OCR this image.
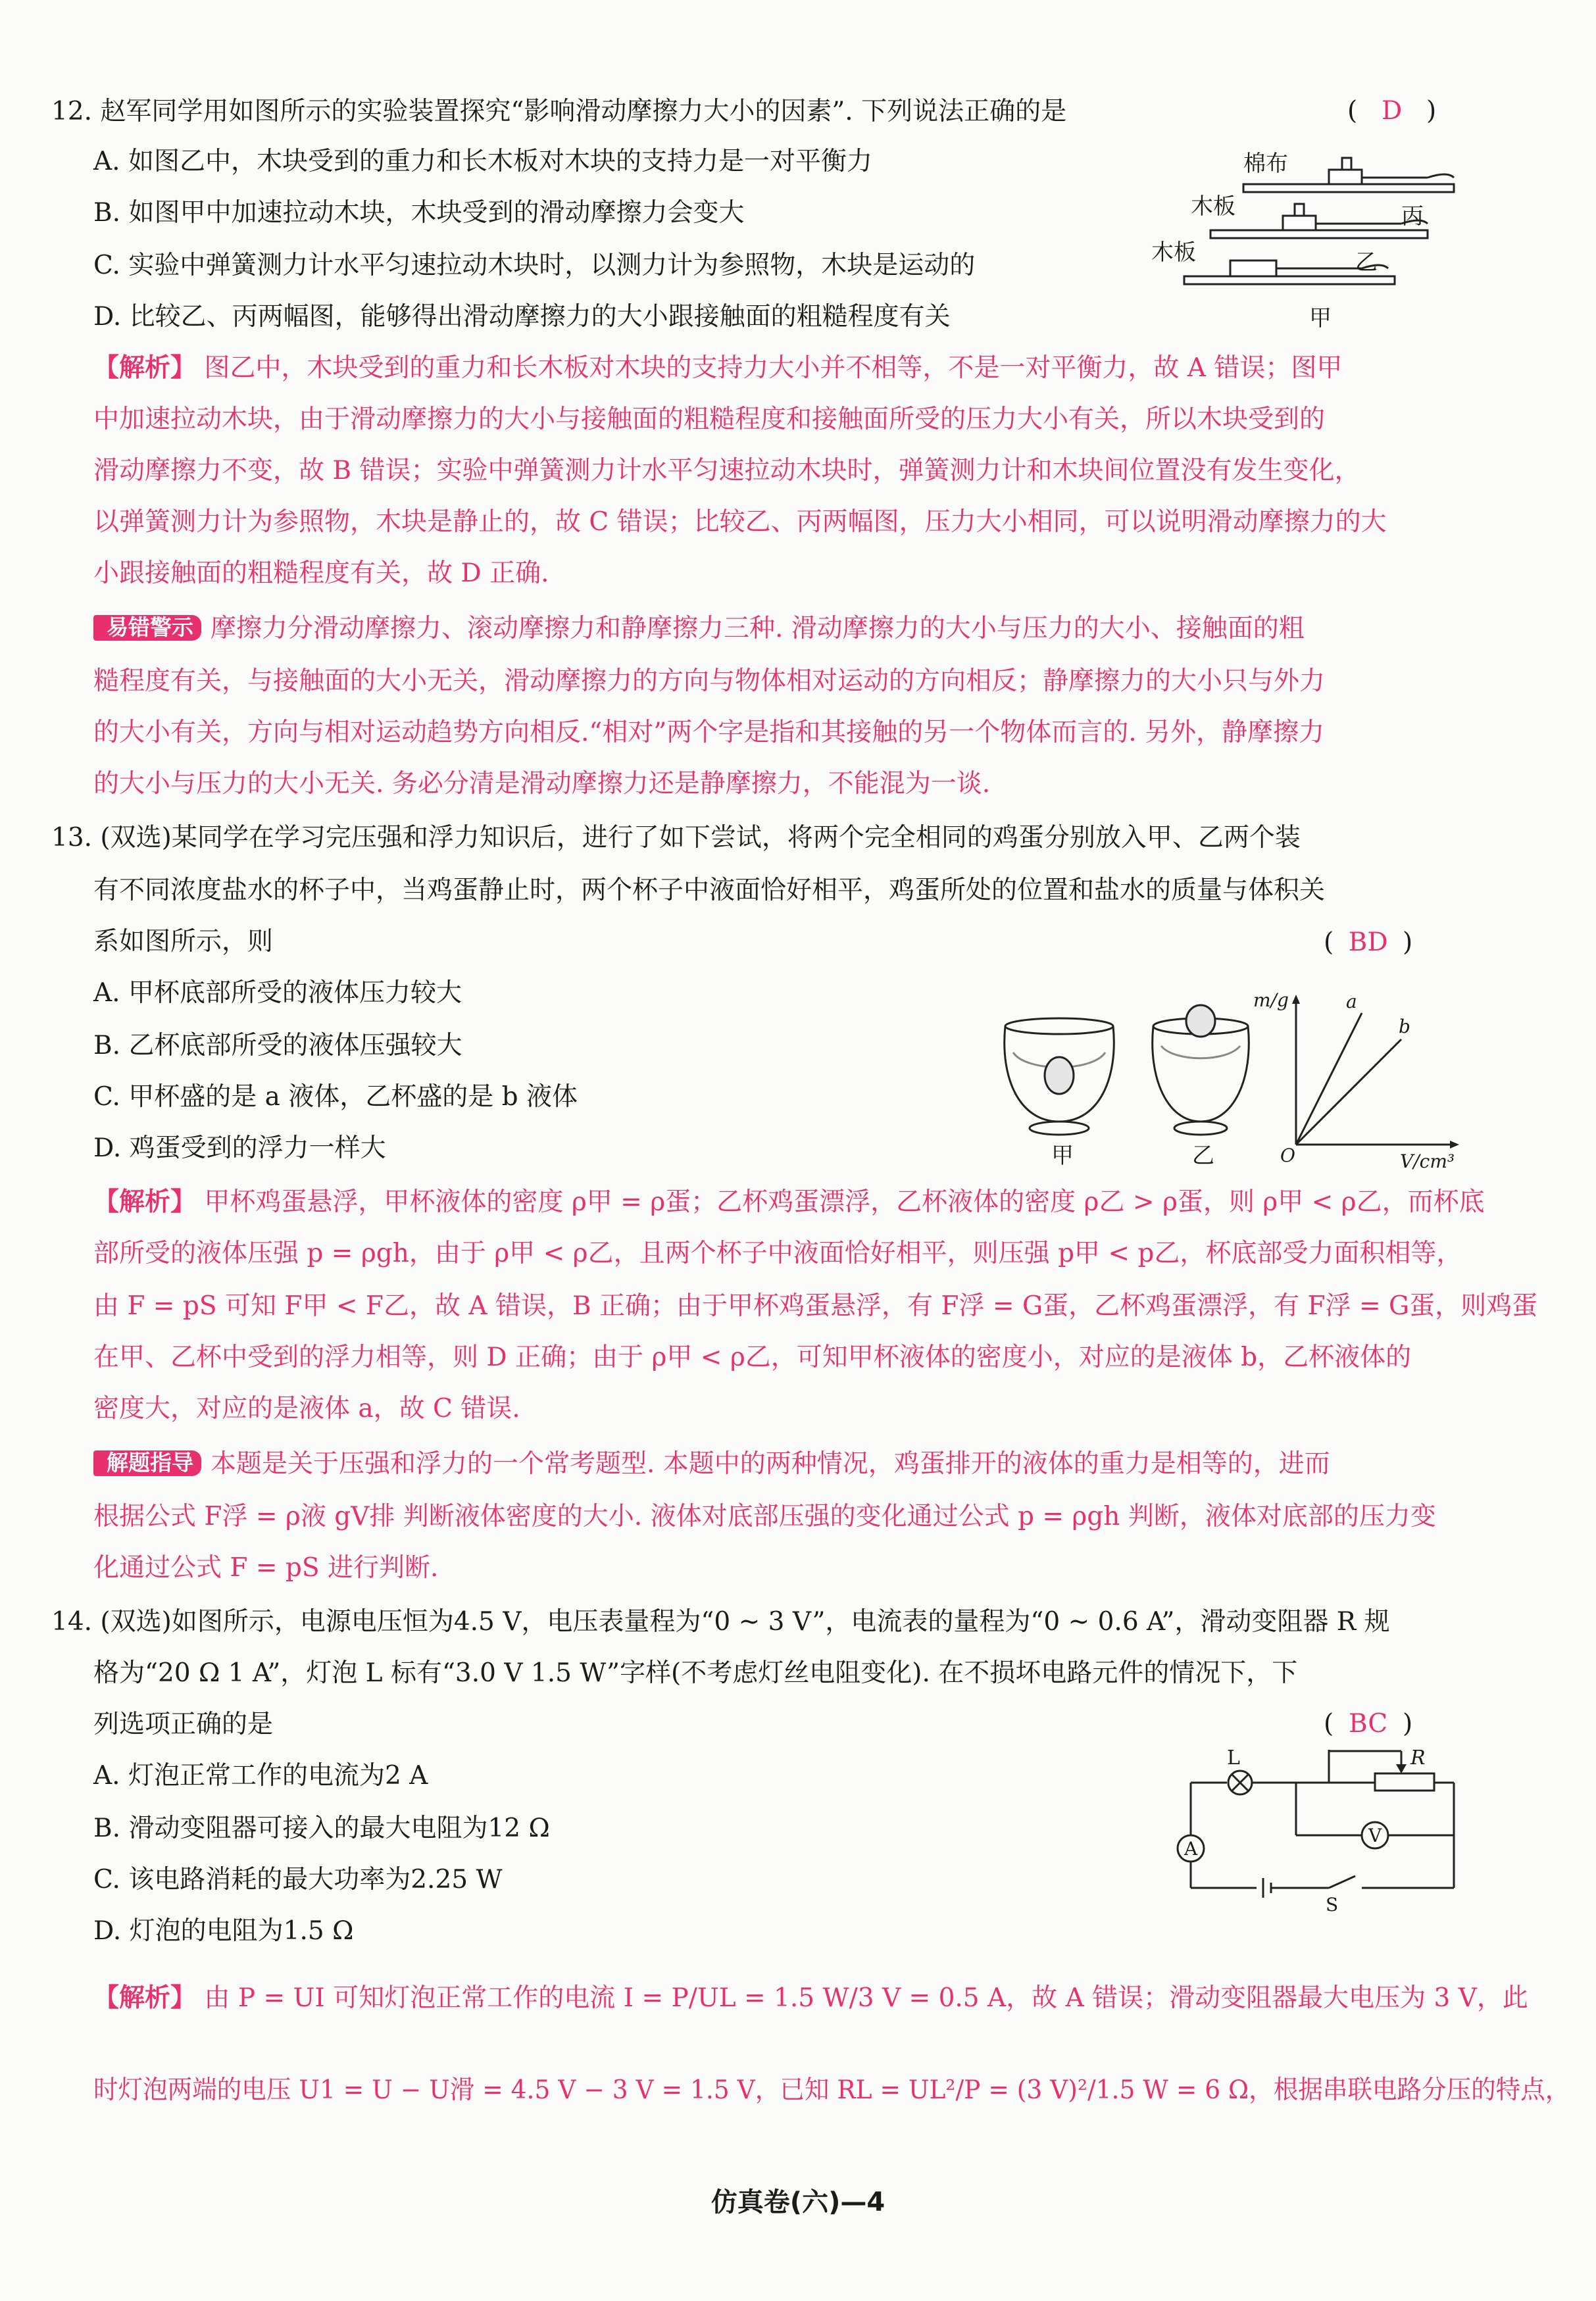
12. 赵军同学用如图所示的实验装置探究“影响滑动摩擦力大小的因素”. 下列说法正确的是	( D )
A. 如图乙中，木块受到的重力和长木板对木块的支持力是一对平衡力
B. 如图甲中加速拉动木块，木块受到的滑动摩擦力会变大
C. 实验中弹簧测力计水平匀速拉动木块时，以测力计为参照物，木块是运动的
D. 比较乙、丙两幅图，能够得出滑动摩擦力的大小跟接触面的粗糙程度有关
棉布
木板
木板
丙
乙
甲
【解析】 图乙中，木块受到的重力和长木板对木块的支持力大小并不相等，不是一对平衡力，故 A 错误；图甲
中加速拉动木块，由于滑动摩擦力的大小与接触面的粗糙程度和接触面所受的压力大小有关，所以木块受到的
滑动摩擦力不变，故 B 错误；实验中弹簧测力计水平匀速拉动木块时，弹簧测力计和木块间位置没有发生变化，
以弹簧测力计为参照物，木块是静止的，故 C 错误；比较乙、丙两幅图，压力大小相同，可以说明滑动摩擦力的大
小跟接触面的粗糙程度有关，故 D 正确.
易错警示 摩擦力分滑动摩擦力、滚动摩擦力和静摩擦力三种. 滑动摩擦力的大小与压力的大小、接触面的粗
糙程度有关，与接触面的大小无关，滑动摩擦力的方向与物体相对运动的方向相反；静摩擦力的大小只与外力
的大小有关，方向与相对运动趋势方向相反.“相对”两个字是指和其接触的另一个物体而言的. 另外，静摩擦力
的大小与压力的大小无关. 务必分清是滑动摩擦力还是静摩擦力，不能混为一谈.
13. (双选)某同学在学习完压强和浮力知识后，进行了如下尝试，将两个完全相同的鸡蛋分别放入甲、乙两个装
有不同浓度盐水的杯子中，当鸡蛋静止时，两个杯子中液面恰好相平，鸡蛋所处的位置和盐水的质量与体积关
系如图所示，则	( BD )
A. 甲杯底部所受的液体压力较大
B. 乙杯底部所受的液体压强较大
C. 甲杯盛的是 a 液体，乙杯盛的是 b 液体
D. 鸡蛋受到的浮力一样大	甲	乙
m/g
V/cm³
O
a
b
【解析】 甲杯鸡蛋悬浮，甲杯液体的密度 ρ甲 = ρ蛋；乙杯鸡蛋漂浮，乙杯液体的密度 ρ乙 > ρ蛋，则 ρ甲 < ρ乙，而杯底
部所受的液体压强 p = ρgh，由于 ρ甲 < ρ乙，且两个杯子中液面恰好相平，则压强 p甲 < p乙，杯底部受力面积相等，
由 F = pS 可知 F甲 < F乙，故 A 错误，B 正确；由于甲杯鸡蛋悬浮，有 F浮 = G蛋，乙杯鸡蛋漂浮，有 F浮 = G蛋，则鸡蛋
在甲、乙杯中受到的浮力相等，则 D 正确；由于 ρ甲 < ρ乙，可知甲杯液体的密度小，对应的是液体 b，乙杯液体的
密度大，对应的是液体 a，故 C 错误.
解题指导 本题是关于压强和浮力的一个常考题型. 本题中的两种情况，鸡蛋排开的液体的重力是相等的，进而
根据公式 F浮 = ρ液 gV排 判断液体密度的大小. 液体对底部压强的变化通过公式 p = ρgh 判断，液体对底部的压力变
化通过公式 F = pS 进行判断.
14. (双选)如图所示，电源电压恒为4.5 V，电压表量程为“0 ~ 3 V”，电流表的量程为“0 ~ 0.6 A”，滑动变阻器 R 规
格为“20 Ω 1 A”，灯泡 L 标有“3.0 V 1.5 W”字样(不考虑灯丝电阻变化). 在不损坏电路元件的情况下，下
列选项正确的是	( BC )
A. 灯泡正常工作的电流为2 A
B. 滑动变阻器可接入的最大电阻为12 Ω
C. 该电路消耗的最大功率为2.25 W
D. 灯泡的电阻为1.5 Ω
L	R
A
V
S
【解析】 由 P = UI 可知灯泡正常工作的电流 I = P/UL = 1.5 W/3 V = 0.5 A，故 A 错误；滑动变阻器最大电压为 3 V，此
时灯泡两端的电压 U1 = U − U滑 = 4.5 V − 3 V = 1.5 V，已知 RL = UL²/P = (3 V)²/1.5 W = 6 Ω，根据串联电路分压的特点，
仿真卷(六)—4
